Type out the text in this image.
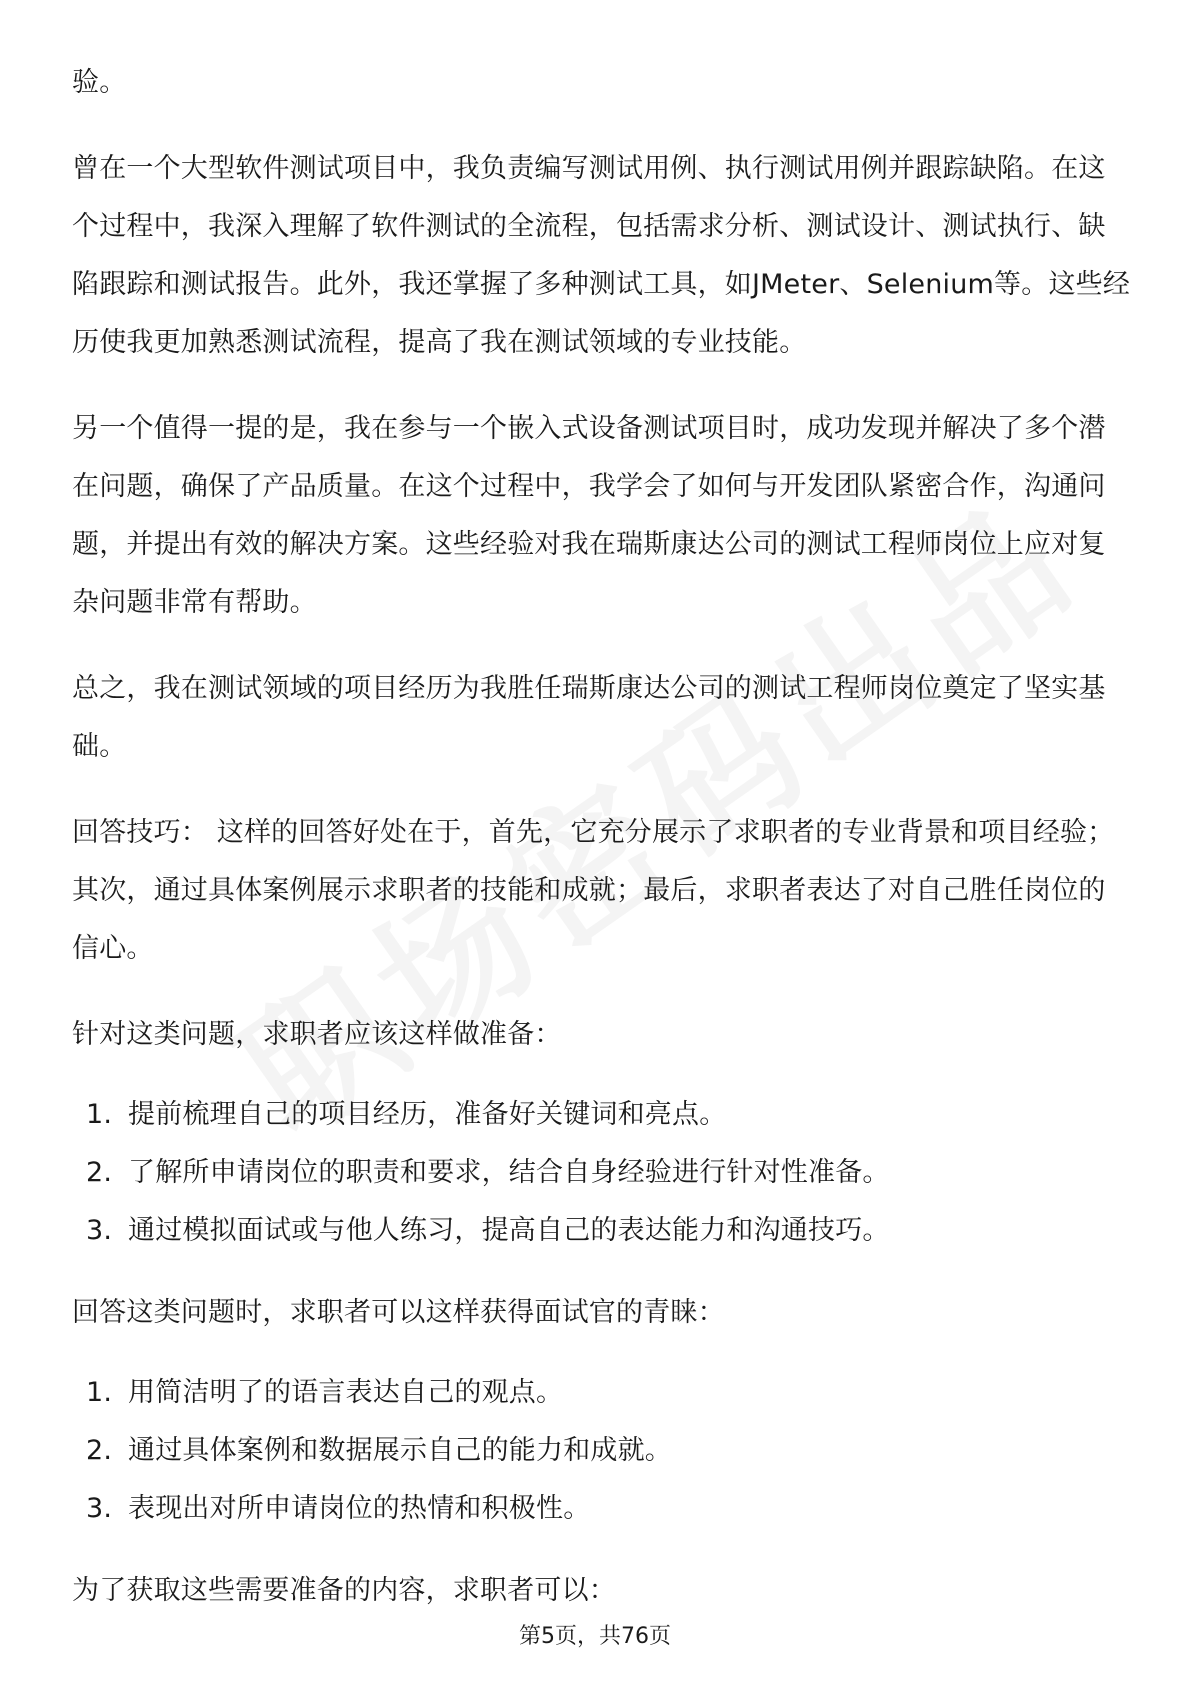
验。

曾在一个大型软件测试项目中，我负责编写测试用例、执行测试用例并跟踪缺陷。在这个过程中，我深入理解了软件测试的全流程，包括需求分析、测试设计、测试执行、缺陷跟踪和测试报告。此外，我还掌握了多种测试工具，如JMeter、Selenium等。这些经历使我更加熟悉测试流程，提高了我在测试领域的专业技能。

另一个值得一提的是，我在参与一个嵌入式设备测试项目时，成功发现并解决了多个潜在问题，确保了产品质量。在这个过程中，我学会了如何与开发团队紧密合作，沟通问题，并提出有效的解决方案。这些经验对我在瑞斯康达公司的测试工程师岗位上应对复杂问题非常有帮助。

总之，我在测试领域的项目经历为我胜任瑞斯康达公司的测试工程师岗位奠定了坚实基础。

回答技巧： 这样的回答好处在于，首先，它充分展示了求职者的专业背景和项目经验；其次，通过具体案例展示求职者的技能和成就；最后，求职者表达了对自己胜任岗位的信心。

针对这类问题，求职者应该这样做准备：

1. 提前梳理自己的项目经历，准备好关键词和亮点。
2. 了解所申请岗位的职责和要求，结合自身经验进行针对性准备。
3. 通过模拟面试或与他人练习，提高自己的表达能力和沟通技巧。

回答这类问题时，求职者可以这样获得面试官的青睐：

1. 用简洁明了的语言表达自己的观点。
2. 通过具体案例和数据展示自己的能力和成就。
3. 表现出对所申请岗位的热情和积极性。

为了获取这些需要准备的内容，求职者可以：

第5页，共76页
